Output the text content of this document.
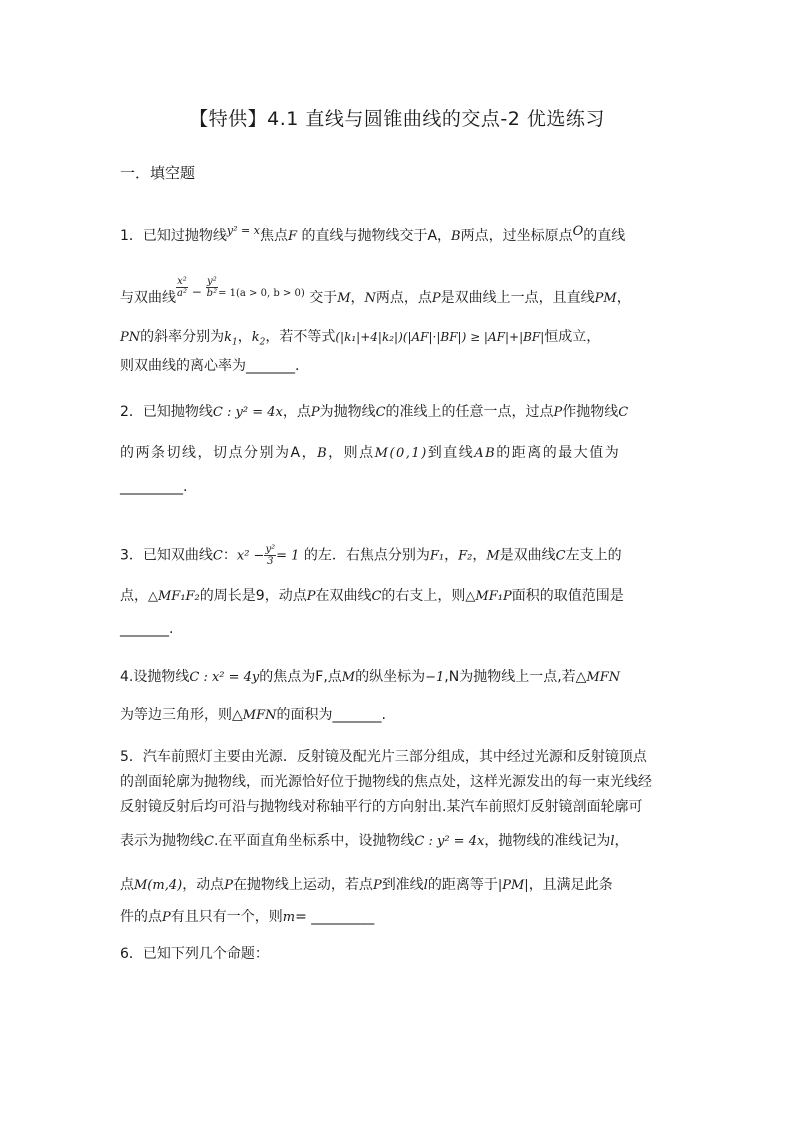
【特供】4.1 直线与圆锥曲线的交点-2 优选练习
一．填空题
1．已知过抛物线$^{y^2 = x}$焦点F 的直线与抛物线交于A，B两点，过坐标原点O的直线
与双曲线 $\frac{\text{x²}}{\text{a²}} - \frac{\text{y²}}{\text{b²}} ^{= 1(a > 0, b > 0)}$ 交于M，N两点，点P是双曲线上一点，且直线PM，
PN的斜率分别为$k_1$，$k_2$，若不等式(|k₁|+4|k₂|)(|AF|·|BF|) ≥ |AF|+|BF|恒成立，
则双曲线的离心率为_______.
2．已知抛物线C : y² = 4x，点P为抛物线C的准线上的任意一点，过点P作抛物线C
的两条切线，切点分别为A，B，则点M(0,1)到直线AB的距离的最大值为
_________.
3．已知双曲线C：$x^2 - \frac{\text{y²}}{3} = 1$ 的左．右焦点分别为F₁，F₂，M是双曲线C左支上的
点，△MF₁F₂的周长是9，动点P在双曲线C的右支上，则△MF₁P面积的取值范围是
_______.
4.设抛物线C : x² = 4y的焦点为F,点M的纵坐标为−1,N为抛物线上一点,若△MFN
为等边三角形，则△MFN的面积为_______.
5．汽车前照灯主要由光源．反射镜及配光片三部分组成，其中经过光源和反射镜顶点
的剖面轮廓为抛物线，而光源恰好位于抛物线的焦点处，这样光源发出的每一束光线经
反射镜反射后均可沿与抛物线对称轴平行的方向射出.某汽车前照灯反射镜剖面轮廓可
表示为抛物线C.在平面直角坐标系中，设抛物线C : y² = 4x，抛物线的准线记为l，
点M(m,4)，动点P在抛物线上运动，若点P到准线l的距离等于|PM|，且满足此条
件的点P有且只有一个，则m= _________
6．已知下列几个命题：
